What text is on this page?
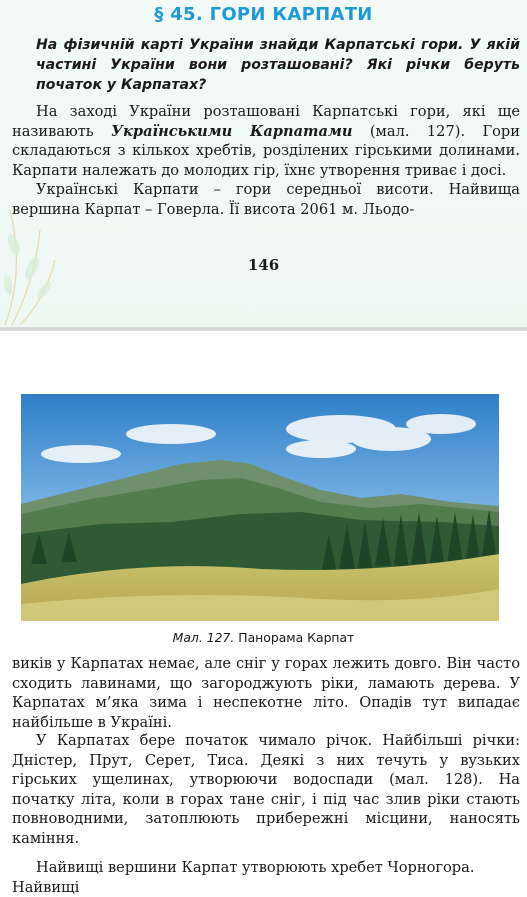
§ 45. ГОРИ КАРПАТИ
На фізичній карті України знайди Карпатські гори. У якій частині України вони розташовані? Які річки беруть початок у Карпатах?

На заході України розташовані Карпатські гори, які ще називають Українськими Карпатами (мал. 127). Гори складаються з кількох хребтів, розділених гірськими долинами. Карпати належать до молодих гір, їхнє утворення триває і досі.

Українські Карпати – гори середньої висоти. Найвища вершина Карпат – Говерла. Її висота 2061 м. Льодо-

146
Мал. 127. Панорама Карпат

виків у Карпатах немає, але сніг у горах лежить довго. Він часто сходить лавинами, що загороджують ріки, ламають дерева. У Карпатах м’яка зима і неспекотне літо. Опадів тут випадає найбільше в Україні.

У Карпатах бере початок чимало річок. Найбільші річки: Дністер, Прут, Серет, Тиса. Деякі з них течуть у вузьких гірських ущелинах, утворюючи водоспади (мал. 128). На початку літа, коли в горах тане сніг, і під час злив ріки стають повноводними, затоплюють прибережні місцини, наносять каміння.

Найвищі вершини Карпат утворюють хребет Чорногора. Найвищі
